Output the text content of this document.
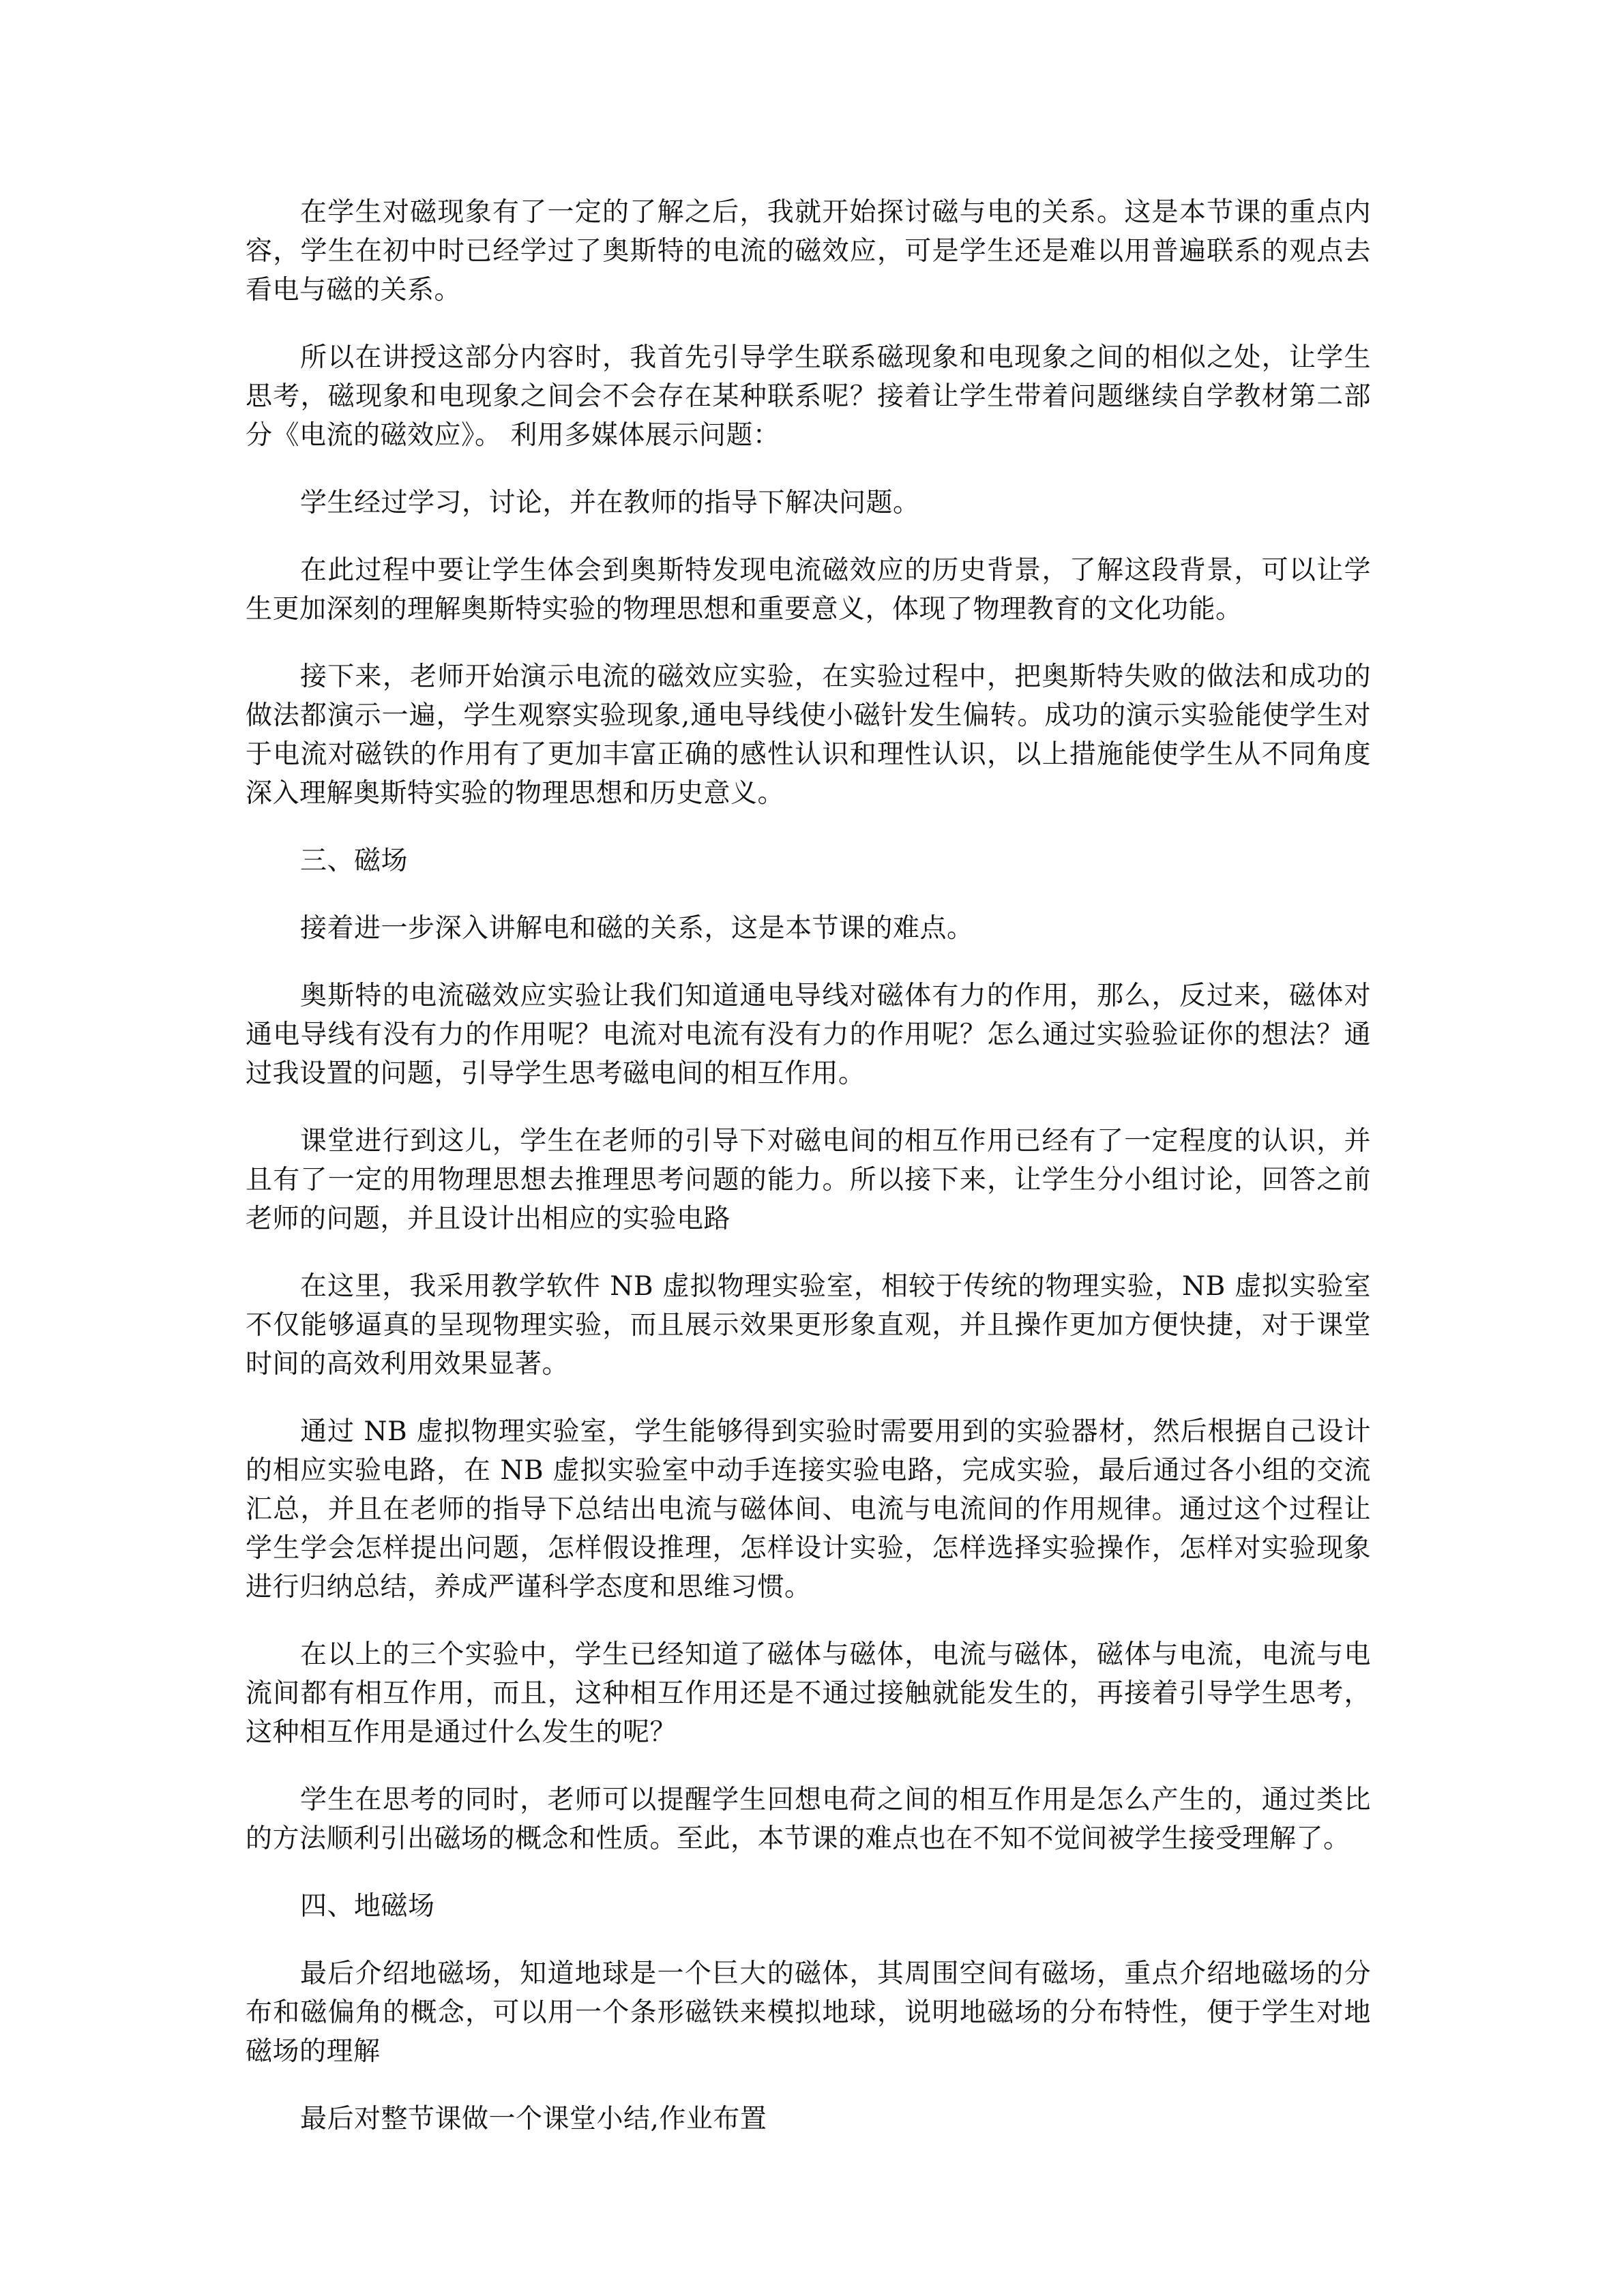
在学生对磁现象有了一定的了解之后，我就开始探讨磁与电的关系。这是本节课的重点内容，学生在初中时已经学过了奥斯特的电流的磁效应，可是学生还是难以用普遍联系的观点去看电与磁的关系。

所以在讲授这部分内容时，我首先引导学生联系磁现象和电现象之间的相似之处，让学生思考，磁现象和电现象之间会不会存在某种联系呢？接着让学生带着问题继续自学教材第二部分《电流的磁效应》。 利用多媒体展示问题：

学生经过学习，讨论，并在教师的指导下解决问题。

在此过程中要让学生体会到奥斯特发现电流磁效应的历史背景，了解这段背景，可以让学生更加深刻的理解奥斯特实验的物理思想和重要意义，体现了物理教育的文化功能。

接下来，老师开始演示电流的磁效应实验，在实验过程中，把奥斯特失败的做法和成功的做法都演示一遍，学生观察实验现象,通电导线使小磁针发生偏转。成功的演示实验能使学生对于电流对磁铁的作用有了更加丰富正确的感性认识和理性认识，以上措施能使学生从不同角度深入理解奥斯特实验的物理思想和历史意义。

三、磁场

接着进一步深入讲解电和磁的关系，这是本节课的难点。

奥斯特的电流磁效应实验让我们知道通电导线对磁体有力的作用，那么，反过来，磁体对通电导线有没有力的作用呢？电流对电流有没有力的作用呢？怎么通过实验验证你的想法？通过我设置的问题，引导学生思考磁电间的相互作用。

课堂进行到这儿，学生在老师的引导下对磁电间的相互作用已经有了一定程度的认识，并且有了一定的用物理思想去推理思考问题的能力。所以接下来，让学生分小组讨论，回答之前老师的问题，并且设计出相应的实验电路

在这里，我采用教学软件 NB 虚拟物理实验室，相较于传统的物理实验，NB 虚拟实验室不仅能够逼真的呈现物理实验，而且展示效果更形象直观，并且操作更加方便快捷，对于课堂时间的高效利用效果显著。

通过 NB 虚拟物理实验室，学生能够得到实验时需要用到的实验器材，然后根据自己设计的相应实验电路，在 NB 虚拟实验室中动手连接实验电路，完成实验，最后通过各小组的交流汇总，并且在老师的指导下总结出电流与磁体间、电流与电流间的作用规律。通过这个过程让学生学会怎样提出问题，怎样假设推理，怎样设计实验，怎样选择实验操作，怎样对实验现象进行归纳总结，养成严谨科学态度和思维习惯。

在以上的三个实验中，学生已经知道了磁体与磁体，电流与磁体，磁体与电流，电流与电流间都有相互作用，而且，这种相互作用还是不通过接触就能发生的，再接着引导学生思考，这种相互作用是通过什么发生的呢？

学生在思考的同时，老师可以提醒学生回想电荷之间的相互作用是怎么产生的，通过类比的方法顺利引出磁场的概念和性质。至此，本节课的难点也在不知不觉间被学生接受理解了。

四、地磁场

最后介绍地磁场，知道地球是一个巨大的磁体，其周围空间有磁场，重点介绍地磁场的分布和磁偏角的概念，可以用一个条形磁铁来模拟地球，说明地磁场的分布特性，便于学生对地磁场的理解

最后对整节课做一个课堂小结,作业布置
